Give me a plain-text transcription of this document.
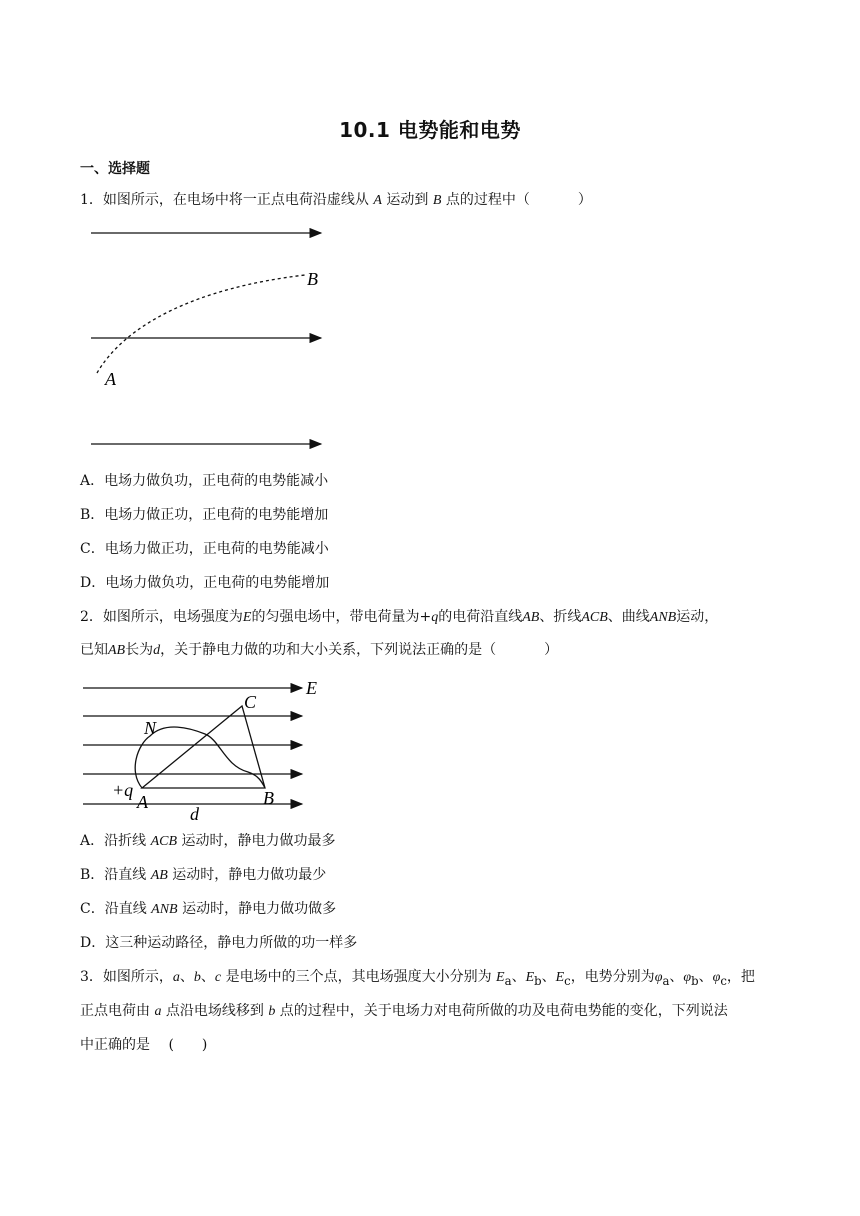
10.1 电势能和电势
一、选择题
1．如图所示，在电场中将一正点电荷沿虚线从 A 运动到 B 点的过程中（	）
A
B
A．电场力做负功，正电荷的电势能减小
B．电场力做正功，正电荷的电势能增加
C．电场力做正功，正电荷的电势能减小
D．电场力做负功，正电荷的电势能增加
2．如图所示，电场强度为E的匀强电场中，带电荷量为+q的电荷沿直线AB、折线ACB、曲线ANB运动，
已知AB长为d，关于静电力做的功和大小关系，下列说法正确的是（	）
E
C
N
+q
A	B
d
A．沿折线 ACB 运动时，静电力做功最多
B．沿直线 AB 运动时，静电力做功最少
C．沿直线 ANB 运动时，静电力做功做多
D．这三种运动路径，静电力所做的功一样多
3．如图所示，a、b、c 是电场中的三个点，其电场强度大小分别为 $E_a$、$E_b$、$E_c$，电势分别为$\varphi_a$、$\varphi_b$、$\varphi_c$，把
正点电荷由 a 点沿电场线移到 b 点的过程中，关于电场力对电荷所做的功及电荷电势能的变化，下列说法
中正确的是　 (　　)
